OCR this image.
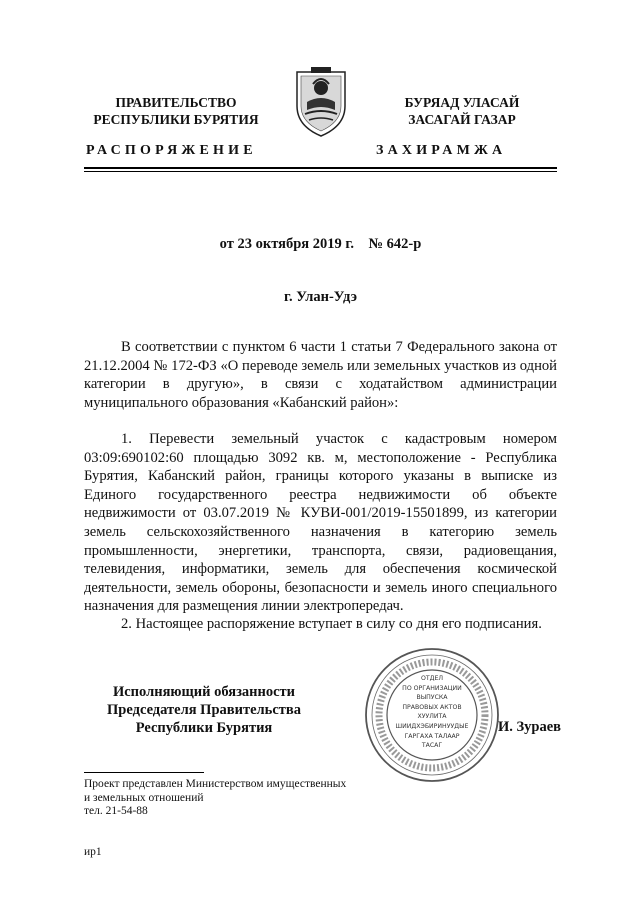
ПРАВИТЕЛЬСТВО
РЕСПУБЛИКИ БУРЯТИЯ
БУРЯАД УЛАСАЙ
ЗАСАГАЙ ГАЗАР
РАСПОРЯЖЕНИЕ	ЗАХИРАМЖА
от 23 октября 2019 г.    № 642-р
г. Улан-Удэ
В соответствии с пунктом 6 части 1 статьи 7 Федерального закона от 21.12.2004 № 172-ФЗ «О переводе земель или земельных участков из одной категории в другую», в связи с ходатайством администрации муниципального образования «Кабанский район»:
1. Перевести земельный участок с кадастровым номером 03:09:690102:60 площадью 3092 кв. м, местоположение - Республика Бурятия, Кабанский район, границы которого указаны в выписке из Единого государственного реестра недвижимости об объекте недвижимости от 03.07.2019 № КУВИ-001/2019-15501899, из категории земель сельскохозяйственного назначения в категорию земель промышленности, энергетики, транспорта, связи, радиовещания, телевидения, информатики, земель для обеспечения космической деятельности, земель обороны, безопасности и земель иного специального назначения для размещения линии электропередач.
2. Настоящее распоряжение вступает в силу со дня его подписания.
Исполняющий обязанности
Председателя Правительства
Республики Бурятия
ОТДЕЛ
ПО ОРГАНИЗАЦИИ
ВЫПУСКА
ПРАВОВЫХ АКТОВ
ХУУЛИТА
ШИИДХЭБИРИНУУДЫЕ
ГАРГАХА ТАЛААР
ТАСАГ
И. Зураев
Проект представлен Министерством имущественных
и земельных отношений
тел. 21-54-88
ир1
